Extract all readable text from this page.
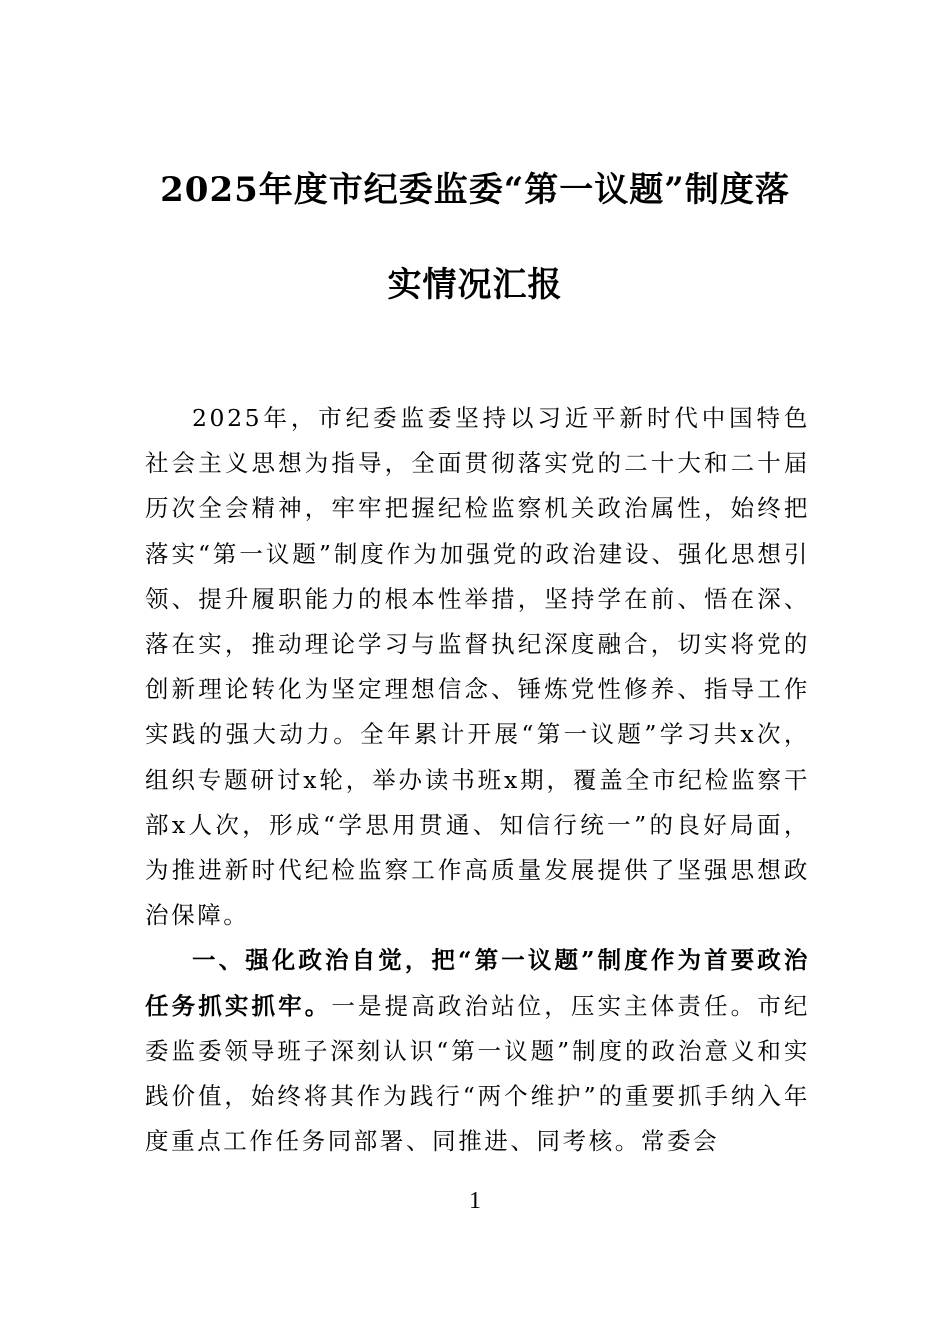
2025年度市纪委监委“第一议题”制度落
实情况汇报

2025年，市纪委监委坚持以习近平新时代中国特色社会主义思想为指导，全面贯彻落实党的二十大和二十届历次全会精神，牢牢把握纪检监察机关政治属性，始终把落实“第一议题”制度作为加强党的政治建设、强化思想引领、提升履职能力的根本性举措，坚持学在前、悟在深、落在实，推动理论学习与监督执纪深度融合，切实将党的创新理论转化为坚定理想信念、锤炼党性修养、指导工作实践的强大动力。全年累计开展“第一议题”学习共x次，组织专题研讨x轮，举办读书班x期，覆盖全市纪检监察干部x人次，形成“学思用贯通、知信行统一”的良好局面，为推进新时代纪检监察工作高质量发展提供了坚强思想政治保障。

一、强化政治自觉，把“第一议题”制度作为首要政治任务抓实抓牢。一是提高政治站位，压实主体责任。市纪委监委领导班子深刻认识“第一议题”制度的政治意义和实践价值，始终将其作为践行“两个维护”的重要抓手纳入年度重点工作任务同部署、同推进、同考核。常委会

1
